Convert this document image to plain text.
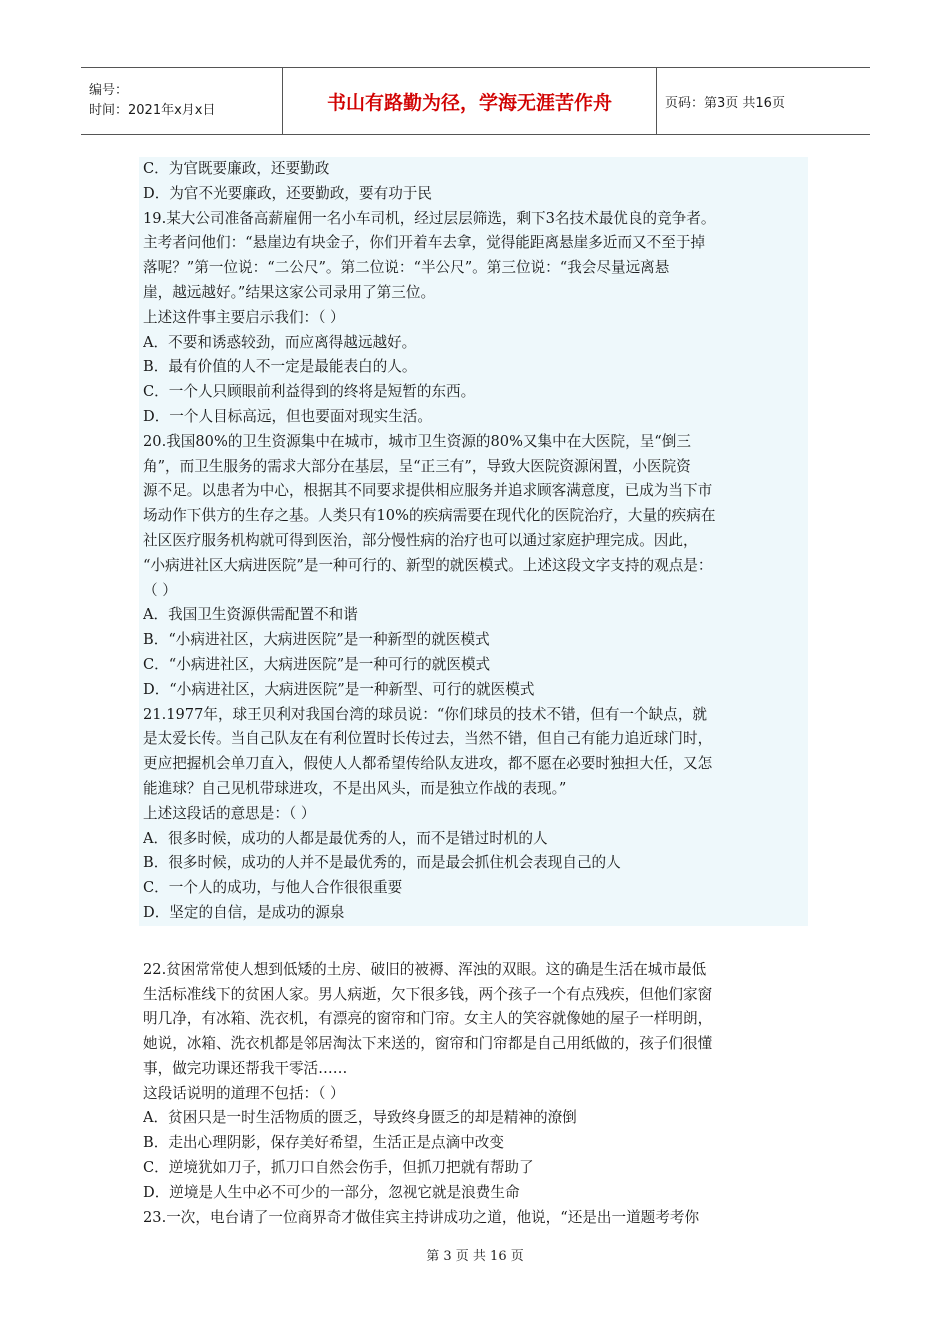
编号：
时间：2021年x月x日	书山有路勤为径，学海无涯苦作舟	页码：第3页 共16页
C．为官既要廉政，还要勤政
D．为官不光要廉政，还要勤政，要有功于民
19.某大公司准备高薪雇佣一名小车司机，经过层层筛选，剩下3名技术最优良的竞争者。
主考者问他们：“悬崖边有块金子，你们开着车去拿，觉得能距离悬崖多近而又不至于掉
落呢？”第一位说：“二公尺”。第二位说：“半公尺”。第三位说：“我会尽量远离悬
崖，越远越好。”结果这家公司录用了第三位。
上述这件事主要启示我们：（ ）
A．不要和诱惑较劲，而应离得越远越好。
B．最有价值的人不一定是最能表白的人。
C．一个人只顾眼前利益得到的终将是短暂的东西。
D．一个人目标高远，但也要面对现实生活。
20.我国80%的卫生资源集中在城市，城市卫生资源的80%又集中在大医院，呈“倒三
角”，而卫生服务的需求大部分在基层，呈“正三有”，导致大医院资源闲置，小医院资
源不足。以患者为中心，根据其不同要求提供相应服务并追求顾客满意度，已成为当下市
场动作下供方的生存之基。人类只有10%的疾病需要在现代化的医院治疗，大量的疾病在
社区医疗服务机构就可得到医治，部分慢性病的治疗也可以通过家庭护理完成。因此，
“小病进社区大病进医院”是一种可行的、新型的就医模式。上述这段文字支持的观点是：
（ ）
A．我国卫生资源供需配置不和谐
B．“小病进社区，大病进医院”是一种新型的就医模式
C．“小病进社区，大病进医院”是一种可行的就医模式
D．“小病进社区，大病进医院”是一种新型、可行的就医模式
21.1977年，球王贝利对我国台湾的球员说：“你们球员的技术不错，但有一个缺点，就
是太爱长传。当自己队友在有利位置时长传过去，当然不错，但自己有能力追近球门时，
更应把握机会单刀直入，假使人人都希望传给队友进攻，都不愿在必要时独担大任，又怎
能進球？自己见机带球进攻，不是出风头，而是独立作战的表现。”
上述这段话的意思是：（ ）
A．很多时候，成功的人都是最优秀的人，而不是错过时机的人
B．很多时候，成功的人并不是最优秀的，而是最会抓住机会表现自己的人
C．一个人的成功，与他人合作很很重要
D．坚定的自信，是成功的源泉
22.贫困常常使人想到低矮的土房、破旧的被褥、浑浊的双眼。这的确是生活在城市最低
生活标准线下的贫困人家。男人病逝，欠下很多钱，两个孩子一个有点残疾，但他们家窗
明几净，有冰箱、洗衣机，有漂亮的窗帘和门帘。女主人的笑容就像她的屋子一样明朗，
她说，冰箱、洗衣机都是邻居淘汰下来送的，窗帘和门帘都是自己用纸做的，孩子们很懂
事，做完功课还帮我干零活……
这段话说明的道理不包括：（ ）
A．贫困只是一时生活物质的匮乏，导致终身匮乏的却是精神的潦倒
B．走出心理阴影，保存美好希望，生活正是点滴中改变
C．逆境犹如刀子，抓刀口自然会伤手，但抓刀把就有帮助了
D．逆境是人生中必不可少的一部分，忽视它就是浪费生命
23.一次，电台请了一位商界奇才做佳宾主持讲成功之道，他说，“还是出一道题考考你
第 3 页 共 16 页
